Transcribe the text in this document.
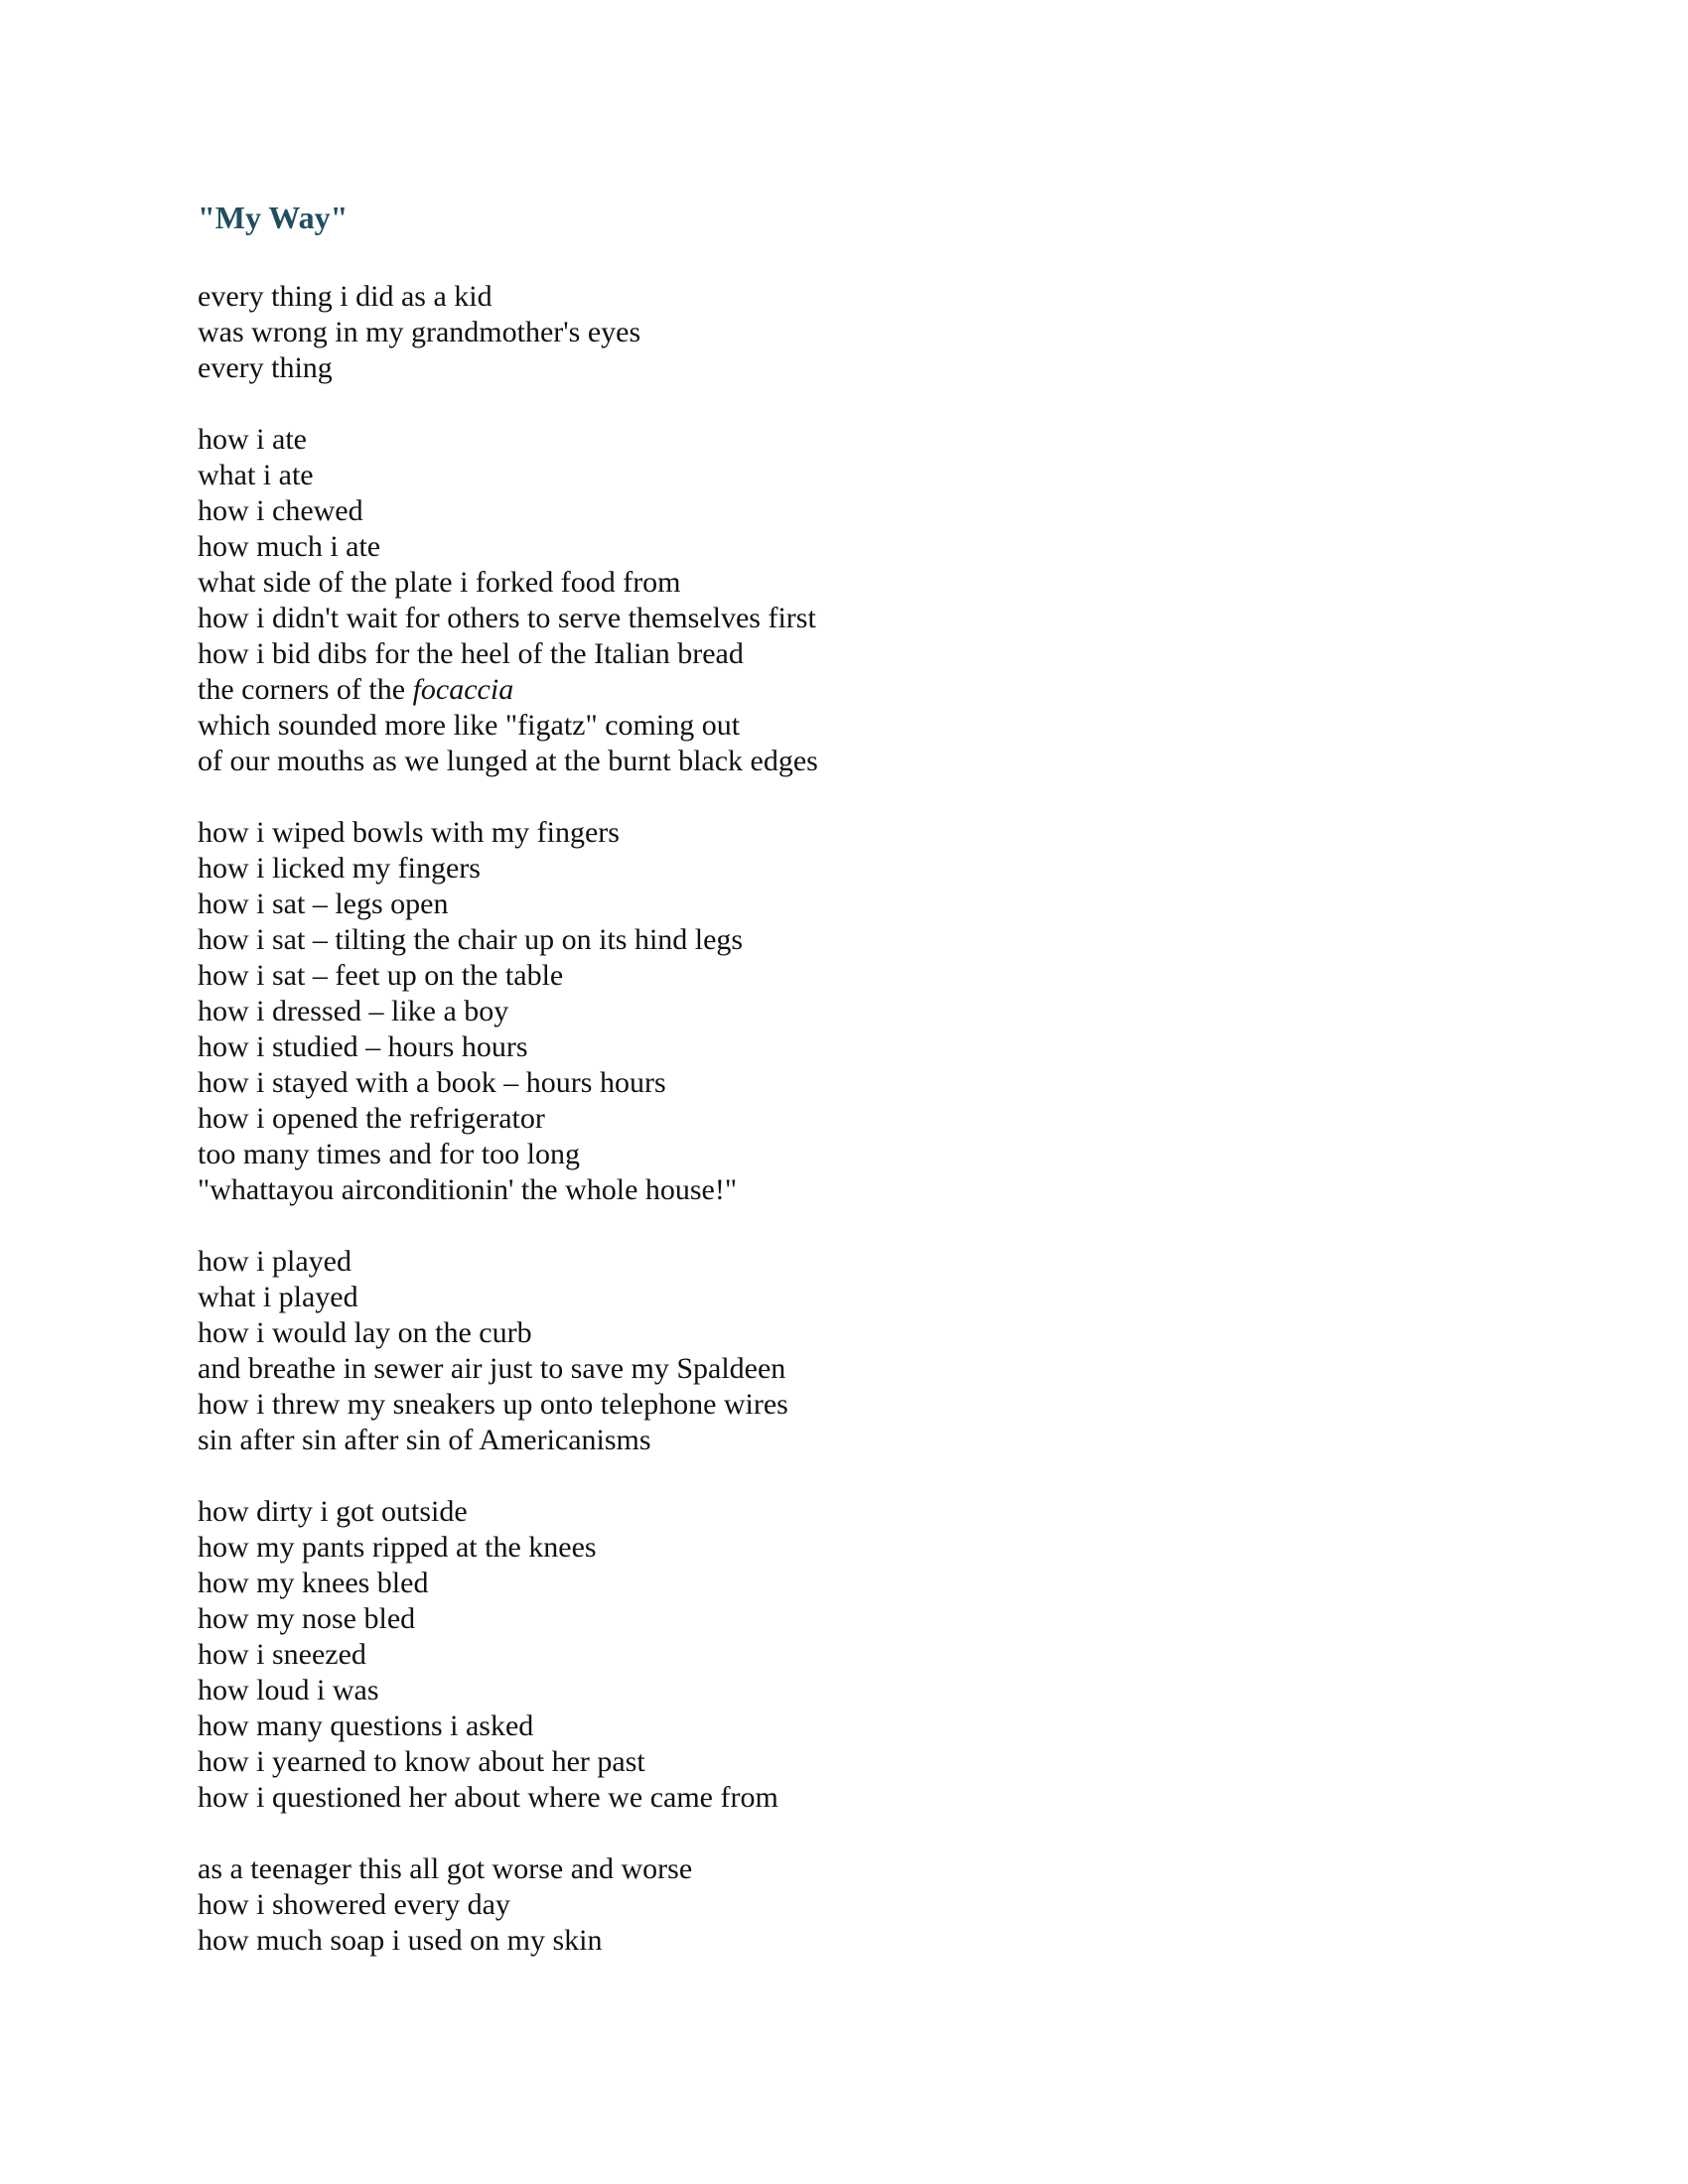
"My Way"
every thing i did as a kid
was wrong in my grandmother's eyes
every thing
how i ate
what i ate
how i chewed
how much i ate
what side of the plate i forked food from
how i didn't wait for others to serve themselves first
how i bid dibs for the heel of the Italian bread
the corners of the focaccia
which sounded more like "figatz" coming out
of our mouths as we lunged at the burnt black edges
how i wiped bowls with my fingers
how i licked my fingers
how i sat – legs open
how i sat – tilting the chair up on its hind legs
how i sat – feet up on the table
how i dressed – like a boy
how i studied – hours hours
how i stayed with a book – hours hours
how i opened the refrigerator
too many times and for too long
"whattayou airconditionin' the whole house!"
how i played
what i played
how i would lay on the curb
and breathe in sewer air just to save my Spaldeen
how i threw my sneakers up onto telephone wires
sin after sin after sin of Americanisms
how dirty i got outside
how my pants ripped at the knees
how my knees bled
how my nose bled
how i sneezed
how loud i was
how many questions i asked
how i yearned to know about her past
how i questioned her about where we came from
as a teenager this all got worse and worse
how i showered every day
how much soap i used on my skin
